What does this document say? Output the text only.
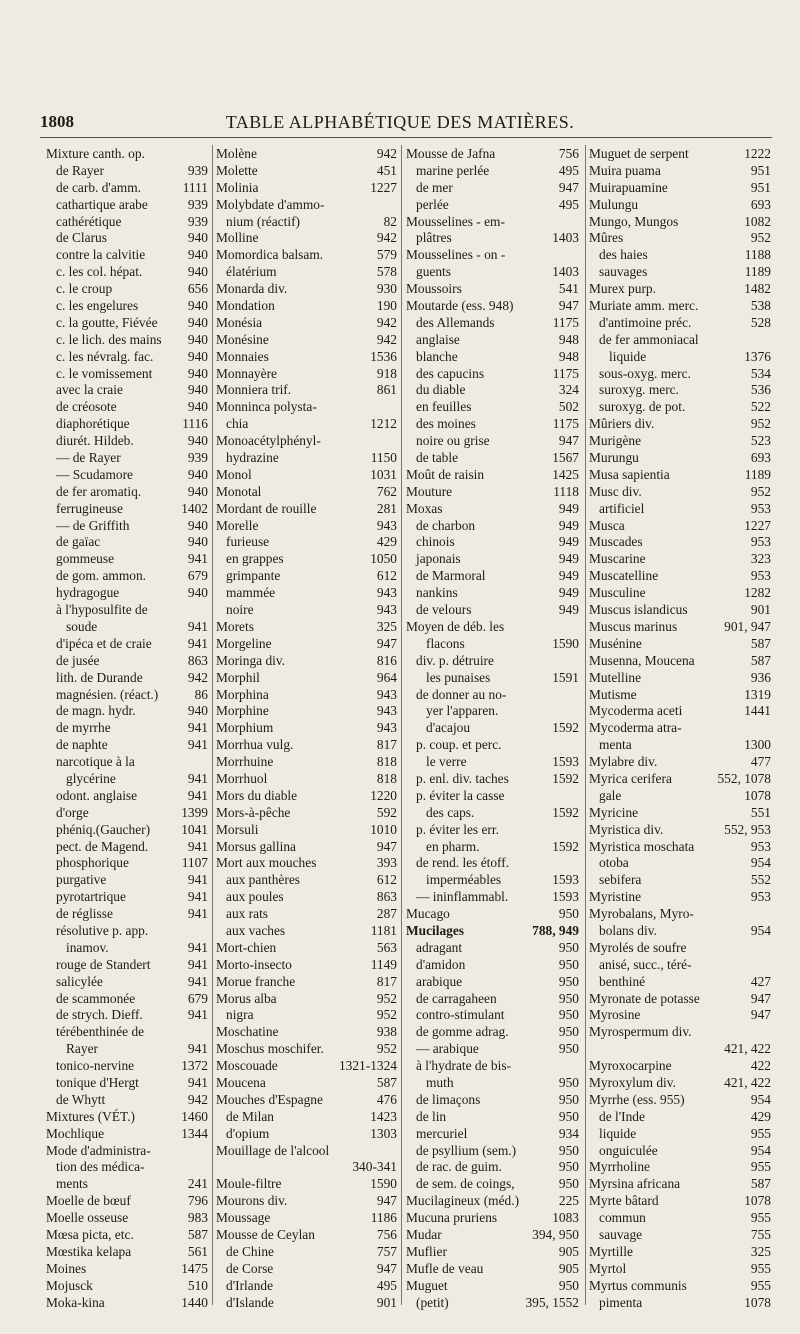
1808	TABLE ALPHABÉTIQUE DES MATIÈRES.
Mixture canth. op.
de Rayer	939
de carb. d'amm.	1111
cathartique arabe	939
cathérétique	939
de Clarus	940
contre la calvitie	940
c. les col. hépat.	940
c. le croup	656
c. les engelures	940
c. la goutte, Fiévée 940
c. le lich. des mains 940
c. les névralg. fac.	940
c. le vomissement	940
avec la craie	940
de créosote	940
diaphorétique	1116
diurét. Hildeb.	940
— de Rayer	939
— Scudamore	940
de fer aromatiq.	940
ferrugineuse	1402
— de Griffith	940
de gaïac	940
gommeuse	941
de gom. ammon.	679
hydragogue	940
à l'hyposulfite de
soude	941
d'ipéca et de craie	941
de jusée	863
lith. de Durande	942
magnésien. (réact.)	86
de magn. hydr.	940
de myrrhe	941
de naphte	941
narcotique à la
glycérine	941
odont. anglaise	941
d'orge	1399
phéniq.(Gaucher) 1041
pect. de Magend.	941
phosphorique	1107
purgative	941
pyrotartrique	941
de réglisse	941
résolutive p. app.
inamov.	941
rouge de Standert	941
salicylée	941
de scammonée	679
de strych. Dieff.	941
térébenthinée de
Rayer	941
tonico-nervine	1372
tonique d'Hergt	941
de Whytt	942
Mixtures (VÉT.)	1460
Mochlique	1344
Mode d'administra-
tion des médica-
ments	241
Moelle de bœuf	796
Moelle osseuse	983
Mœsa picta, etc.	587
Mœstika kelapa	561
Moines	1475
Mojusck	510
Moka-kina	1440
Molène	942
Molette	451
Molinia	1227
Molybdate d'ammo-
nium (réactif)	82
Molline	942
Momordica balsam.	579
élatérium	578
Monarda div.	930
Mondation	190
Monésia	942
Monésine	942
Monnaies	1536
Monnayère	918
Monniera trif.	861
Monninca polysta-
chia	1212
Monoacétylphényl-
hydrazine	1150
Monol	1031
Monotal	762
Mordant de rouille	281
Morelle	943
furieuse	429
en grappes	1050
grimpante	612
mammée	943
noire	943
Morets	325
Morgeline	947
Moringa div.	816
Morphil	964
Morphina	943
Morphine	943
Morphium	943
Morrhua vulg.	817
Morrhuine	818
Morrhuol	818
Mors du diable	1220
Mors-à-pêche	592
Morsuli	1010
Morsus gallina	947
Mort aux mouches	393
aux panthères	612
aux poules	863
aux rats	287
aux vaches	1181
Mort-chien	563
Morto-insecto	1149
Morue franche	817
Morus alba	952
nigra	952
Moschatine	938
Moschus moschifer.	952
Moscouade	1321-1324
Moucena	587
Mouches d'Espagne	476
de Milan	1423
d'opium	1303
Mouillage de l'alcool
340-341
Moule-filtre	1590
Mourons div.	947
Moussage	1186
Mousse de Ceylan	756
de Chine	757
de Corse	947
d'Irlande	495
d'Islande	901
Mousse de Jafna	756
marine perlée	495
de mer	947
perlée	495
Mousselines - em-
plâtres	1403
Mousselines - on -
guents	1403
Moussoirs	541
Moutarde (ess. 948)	947
des Allemands	1175
anglaise	948
blanche	948
des capucins	1175
du diable	324
en feuilles	502
des moines	1175
noire ou grise	947
de table	1567
Moût de raisin	1425
Mouture	1118
Moxas	949
de charbon	949
chinois	949
japonais	949
de Marmoral	949
nankins	949
de velours	949
Moyen de déb. les
flacons	1590
div. p. détruire
les punaises	1591
de donner au no-
yer l'apparen.
d'acajou	1592
p. coup. et perc.
le verre	1593
p. enl. div. taches	1592
p. éviter la casse
des caps.	1592
p. éviter les err.
en pharm.	1592
de rend. les étoff.
imperméables	1593
— ininflammabl.	1593
Mucago	950
Mucilages	788, 949
adragant	950
d'amidon	950
arabique	950
de carragaheen	950
contro-stimulant	950
de gomme adrag.	950
— arabique	950
à l'hydrate de bis-
muth	950
de limaçons	950
de lin	950
mercuriel	934
de psyllium (sem.)	950
de rac. de guim.	950
de sem. de coings,	950
Mucilagineux (méd.)	225
Mucuna pruriens	1083
Mudar	394, 950
Muflier	905
Mufle de veau	905
Muguet	950
(petit)	395, 1552
Muguet de serpent	1222
Muira puama	951
Muirapuamine	951
Mulungu	693
Mungo, Mungos	1082
Mûres	952
des haies	1188
sauvages	1189
Murex purp.	1482
Muriate amm. merc.	538
d'antimoine préc.	528
de fer ammoniacal
liquide	1376
sous-oxyg. merc.	534
suroxyg. merc.	536
suroxyg. de pot.	522
Mûriers div.	952
Murigène	523
Murungu	693
Musa sapientia	1189
Musc div.	952
artificiel	953
Musca	1227
Muscades	953
Muscarine	323
Muscatelline	953
Musculine	1282
Muscus islandicus	901
Muscus marinus	901, 947
Musénine	587
Musenna, Moucena	587
Mutelline	936
Mutisme	1319
Mycoderma aceti	1441
Mycoderma atra-
menta	1300
Mylabre div.	477
Myrica cerifera	552, 1078
gale	1078
Myricine	551
Myristica div.	552, 953
Myristica moschata	953
otoba	954
sebifera	552
Myristine	953
Myrobalans, Myro-
bolans div.	954
Myrolés de soufre
anisé, succ., téré-
benthiné	427
Myronate de potasse	947
Myrosine	947
Myrospermum div.
421, 422
Myroxocarpine	422
Myroxylum div.	421, 422
Myrrhe (ess. 955)	954
de l'Inde	429
liquide	955
onguiculée	954
Myrrholine	955
Myrsina africana	587
Myrte bâtard	1078
commun	955
sauvage	755
Myrtille	325
Myrtol	955
Myrtus communis	955
pimenta	1078
